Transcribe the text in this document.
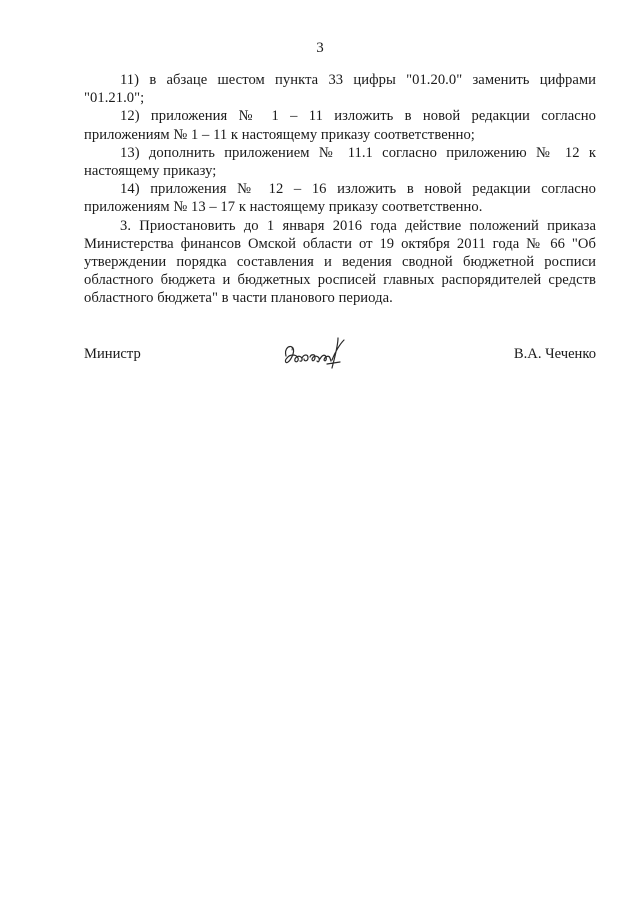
3

11) в абзаце шестом пункта 33 цифры "01.20.0" заменить цифрами "01.21.0";

12) приложения № 1 – 11 изложить в новой редакции согласно приложениям № 1 – 11 к настоящему приказу соответственно;

13) дополнить приложением № 11.1 согласно приложению № 12 к настоящему приказу;

14) приложения № 12 – 16 изложить в новой редакции согласно приложениям № 13 – 17 к настоящему приказу соответственно.

3. Приостановить до 1 января 2016 года действие положений приказа Министерства финансов Омской области от 19 октября 2011 года № 66 "Об утверждении порядка составления и ведения сводной бюджетной росписи областного бюджета и бюджетных росписей главных распорядителей средств областного бюджета" в части планового периода.

Министр	В.А. Чеченко
